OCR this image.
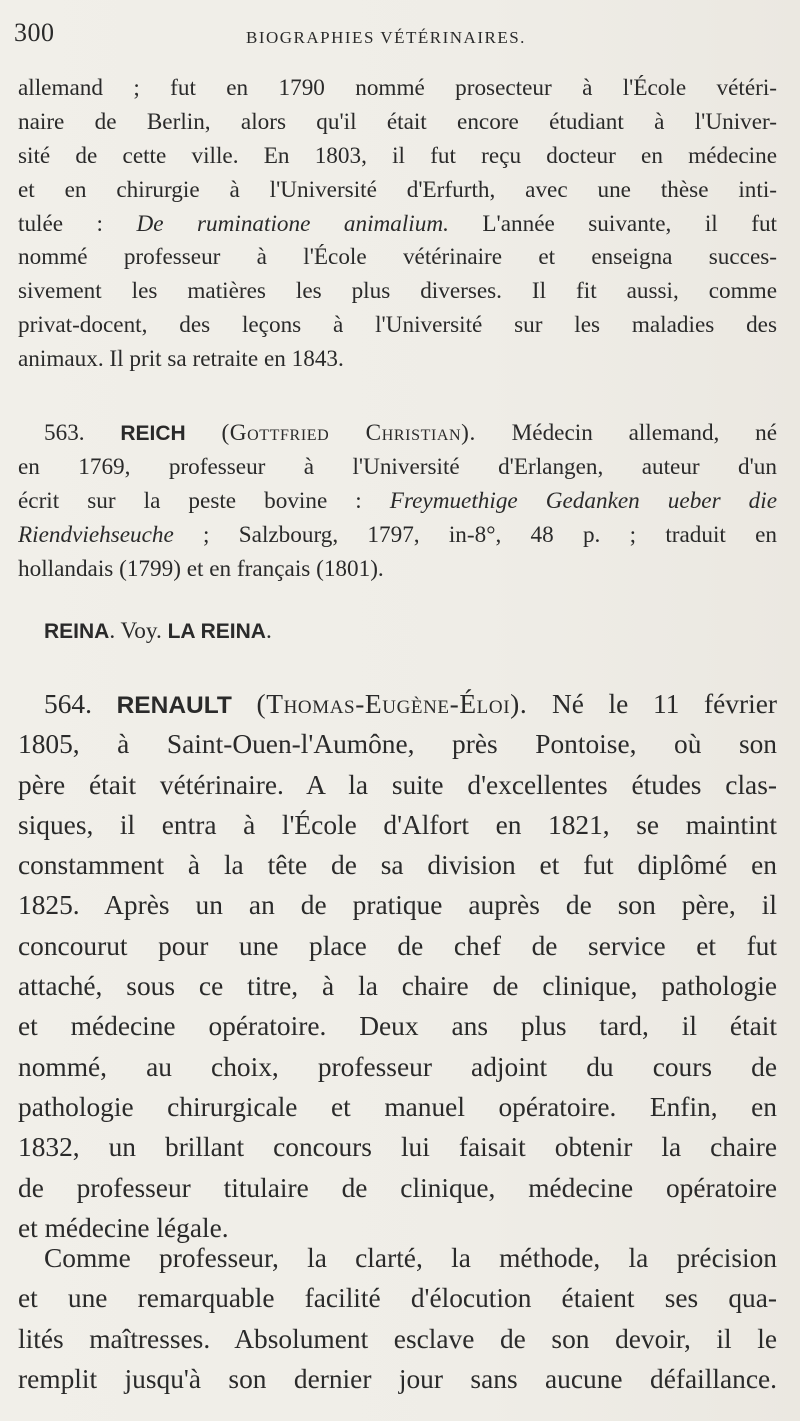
300	BIOGRAPHIES VÉTÉRINAIRES.
allemand ; fut en 1790 nommé prosecteur à l'École vétéri-
naire de Berlin, alors qu'il était encore étudiant à l'Univer-
sité de cette ville. En 1803, il fut reçu docteur en médecine
et en chirurgie à l'Université d'Erfurth, avec une thèse inti-
tulée : De ruminatione animalium. L'année suivante, il fut
nommé professeur à l'École vétérinaire et enseigna succes-
sivement les matières les plus diverses. Il fit aussi, comme
privat-docent, des leçons à l'Université sur les maladies des
animaux. Il prit sa retraite en 1843.
563. REICH (Gottfried Christian). Médecin allemand, né
en 1769, professeur à l'Université d'Erlangen, auteur d'un
écrit sur la peste bovine : Freymuethige Gedanken ueber die
Riendviehseuche ; Salzbourg, 1797, in-8°, 48 p. ; traduit en
hollandais (1799) et en français (1801).
REINA. Voy. LA REINA.
564. RENAULT (Thomas-Eugène-Éloi). Né le 11 février
1805, à Saint-Ouen-l'Aumône, près Pontoise, où son
père était vétérinaire. A la suite d'excellentes études clas-
siques, il entra à l'École d'Alfort en 1821, se maintint
constamment à la tête de sa division et fut diplômé en
1825. Après un an de pratique auprès de son père, il
concourut pour une place de chef de service et fut
attaché, sous ce titre, à la chaire de clinique, pathologie
et médecine opératoire. Deux ans plus tard, il était
nommé, au choix, professeur adjoint du cours de
pathologie chirurgicale et manuel opératoire. Enfin, en
1832, un brillant concours lui faisait obtenir la chaire
de professeur titulaire de clinique, médecine opératoire
et médecine légale.
Comme professeur, la clarté, la méthode, la précision
et une remarquable facilité d'élocution étaient ses qua-
lités maîtresses. Absolument esclave de son devoir, il le
remplit jusqu'à son dernier jour sans aucune défaillance.
